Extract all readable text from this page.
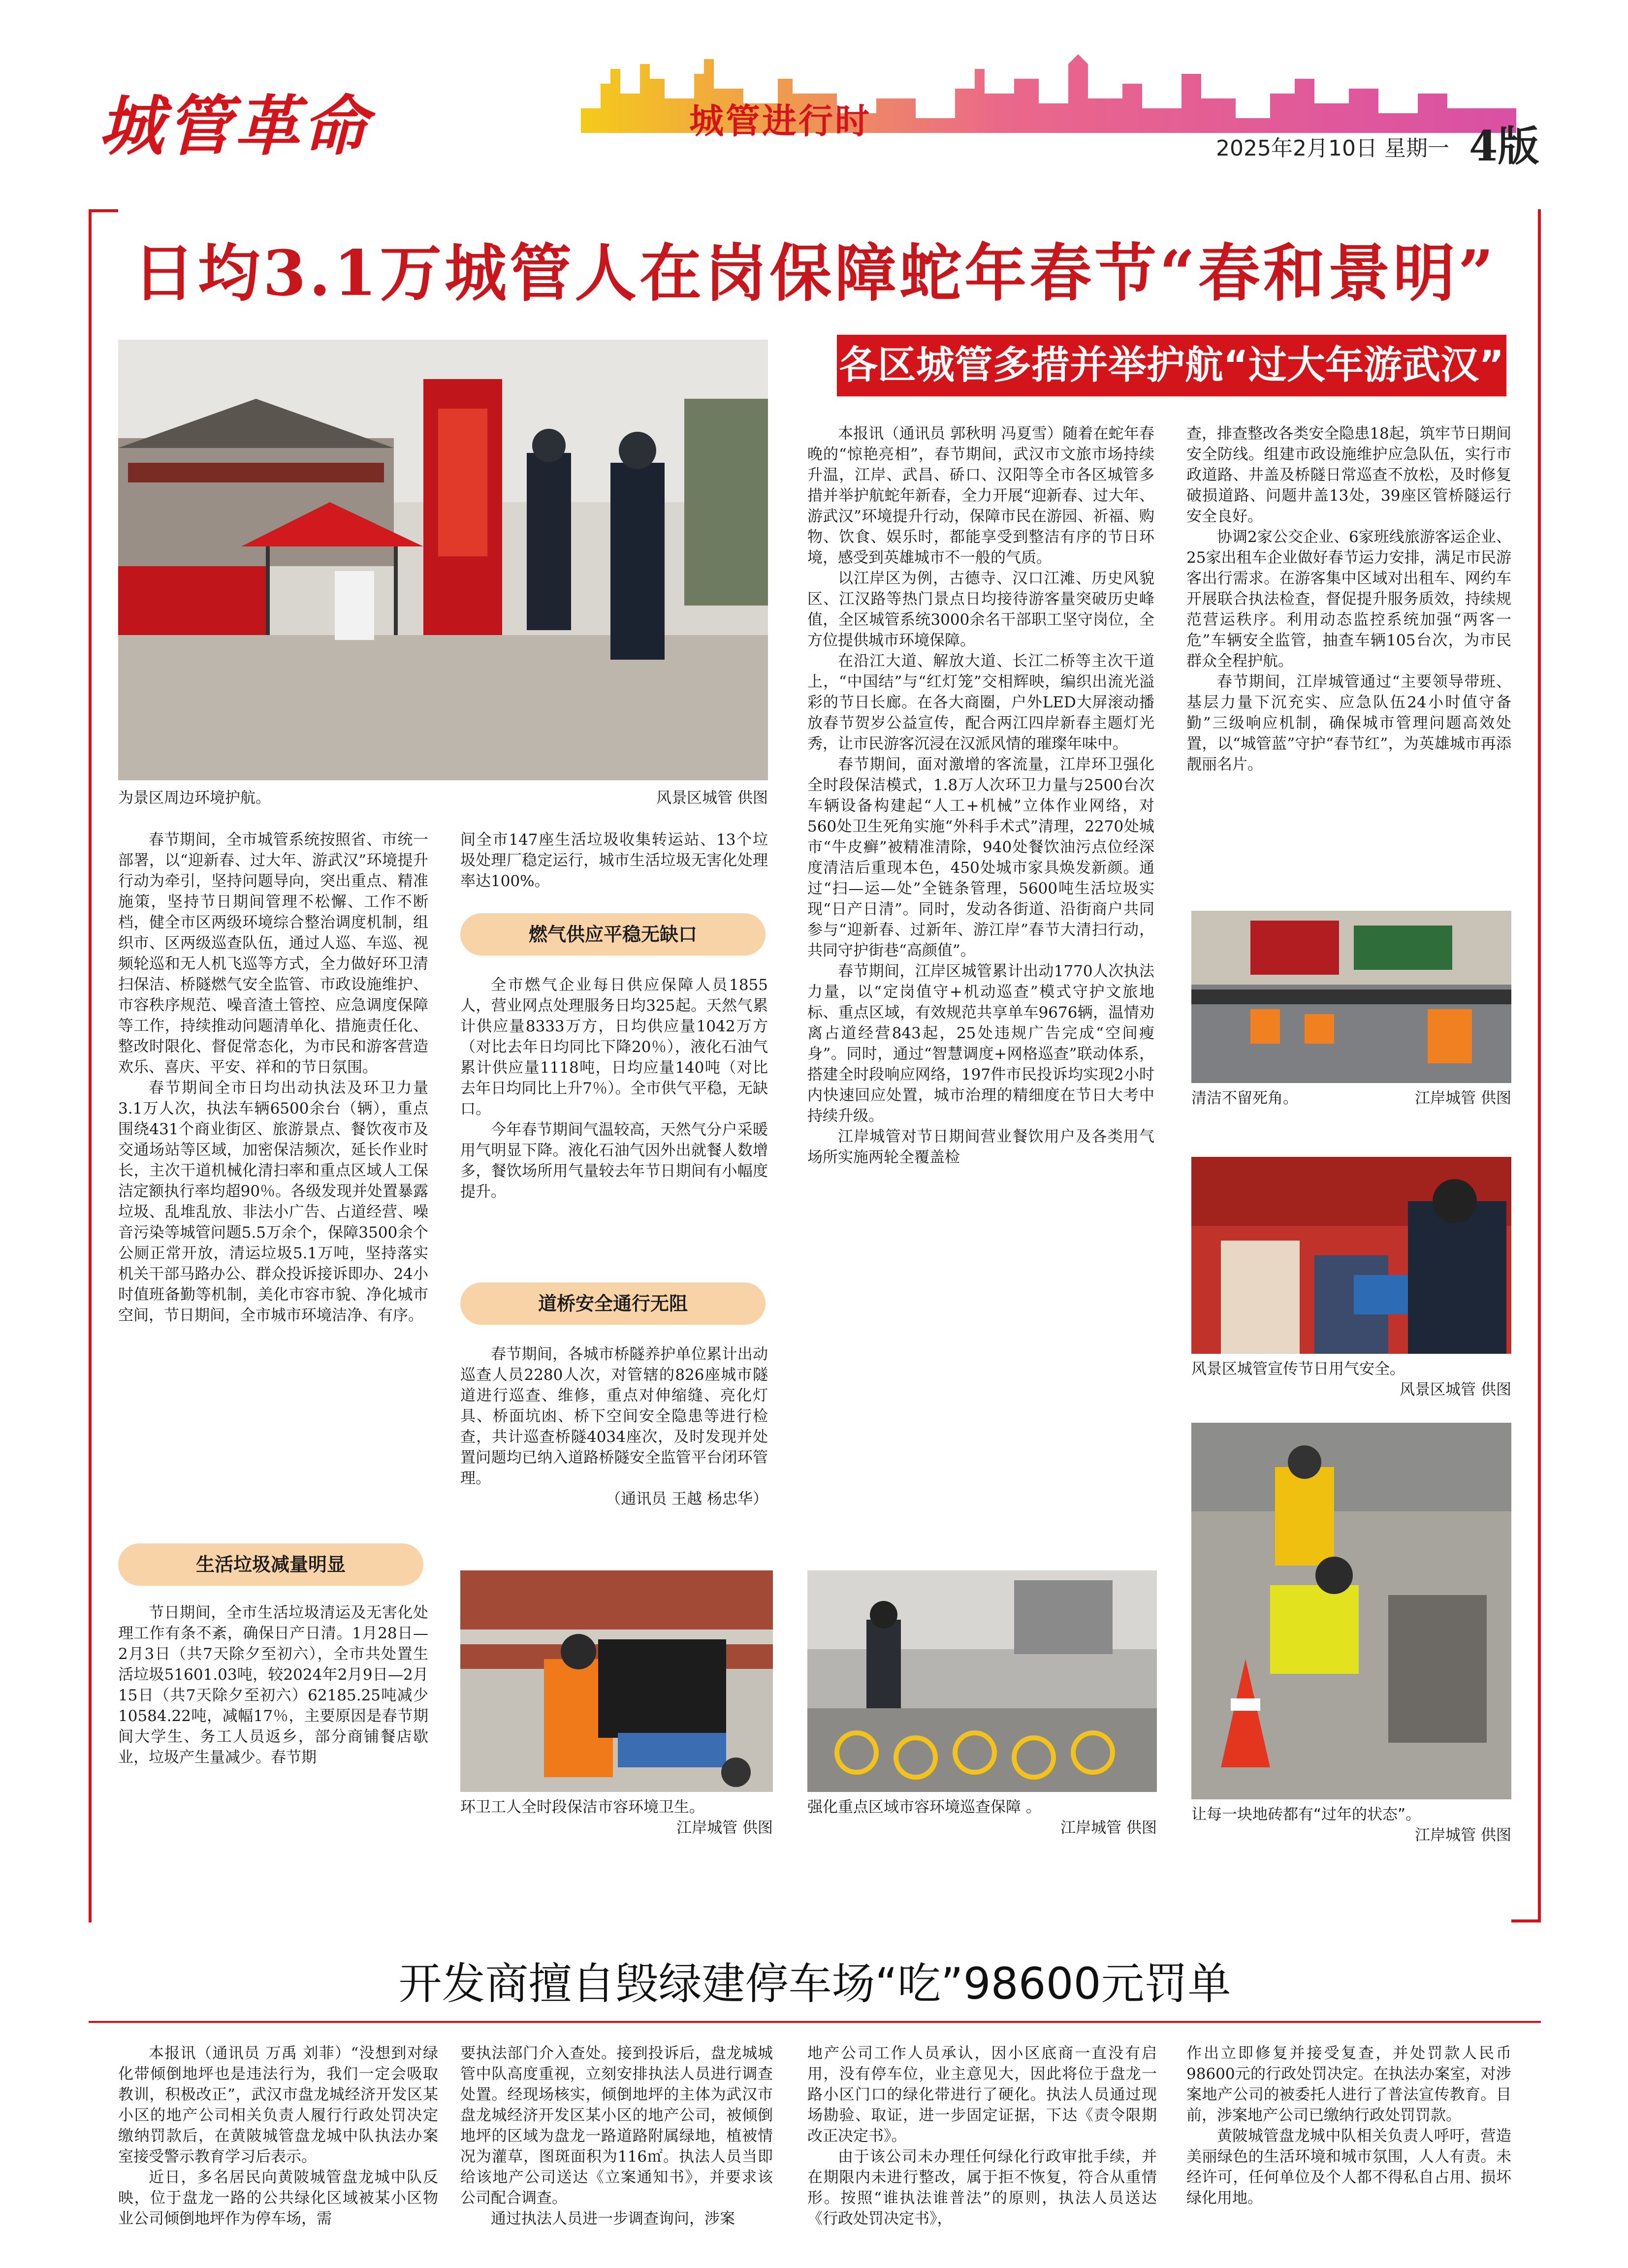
城管革命	城管进行时
2025年2月10日 星期一 4版
日均3.1万城管人在岗保障蛇年春节“春和景明”
各区城管多措并举护航“过大年游武汉”
为景区周边环境护航。	风景区城管 供图

春节期间，全市城管系统按照省、市统一部署，以“迎新春、过大年、游武汉”环境提升行动为牵引，坚持问题导向，突出重点、精准施策，坚持节日期间管理不松懈、工作不断档，健全市区两级环境综合整治调度机制，组织市、区两级巡查队伍，通过人巡、车巡、视频轮巡和无人机飞巡等方式，全力做好环卫清扫保洁、桥隧燃气安全监管、市政设施维护、市容秩序规范、噪音渣土管控、应急调度保障等工作，持续推动问题清单化、措施责任化、整改时限化、督促常态化，为市民和游客营造欢乐、喜庆、平安、祥和的节日氛围。

春节期间全市日均出动执法及环卫力量3.1万人次，执法车辆6500余台（辆），重点围绕431个商业街区、旅游景点、餐饮夜市及交通场站等区域，加密保洁频次，延长作业时长，主次干道机械化清扫率和重点区域人工保洁定额执行率均超90％。各级发现并处置暴露垃圾、乱堆乱放、非法小广告、占道经营、噪音污染等城管问题5.5万余个，保障3500余个公厕正常开放，清运垃圾5.1万吨，坚持落实机关干部马路办公、群众投诉接诉即办、24小时值班备勤等机制，美化市容市貌、净化城市空间，节日期间，全市城市环境洁净、有序。

生活垃圾减量明显

节日期间，全市生活垃圾清运及无害化处理工作有条不紊，确保日产日清。1月28日—2月3日（共7天除夕至初六），全市共处置生活垃圾51601.03吨，较2024年2月9日—2月15日（共7天除夕至初六）62185.25吨减少10584.22吨，减幅17％，主要原因是春节期间大学生、务工人员返乡，部分商铺餐店歇业，垃圾产生量减少。春节期

间全市147座生活垃圾收集转运站、13个垃圾处理厂稳定运行，城市生活垃圾无害化处理率达100%。

燃气供应平稳无缺口

全市燃气企业每日供应保障人员1855人，营业网点处理服务日均325起。天然气累计供应量8333万方，日均供应量1042万方（对比去年日均同比下降20％），液化石油气累计供应量1118吨，日均应量140吨（对比去年日均同比上升7％）。全市供气平稳，无缺口。

今年春节期间气温较高，天然气分户采暖用气明显下降。液化石油气因外出就餐人数增多，餐饮场所用气量较去年节日期间有小幅度提升。

道桥安全通行无阻

春节期间，各城市桥隧养护单位累计出动巡查人员2280人次，对管辖的826座城市隧道进行巡查、维修，重点对伸缩缝、亮化灯具、桥面坑凼、桥下空间安全隐患等进行检查，共计巡查桥隧4034座次，及时发现并处置问题均已纳入道路桥隧安全监管平台闭环管理。

（通讯员 王越 杨忠华）

本报讯（通讯员 郭秋明 冯夏雪）随着在蛇年春晚的“惊艳亮相”，春节期间，武汉市文旅市场持续升温，江岸、武昌、硚口、汉阳等全市各区城管多措并举护航蛇年新春，全力开展“迎新春、过大年、游武汉”环境提升行动，保障市民在游园、祈福、购物、饮食、娱乐时，都能享受到整洁有序的节日环境，感受到英雄城市不一般的气质。

以江岸区为例，古德寺、汉口江滩、历史风貌区、江汉路等热门景点日均接待游客量突破历史峰值，全区城管系统3000余名干部职工坚守岗位，全方位提供城市环境保障。

在沿江大道、解放大道、长江二桥等主次干道上，“中国结”与“红灯笼”交相辉映，编织出流光溢彩的节日长廊。在各大商圈，户外LED大屏滚动播放春节贺岁公益宣传，配合两江四岸新春主题灯光秀，让市民游客沉浸在汉派风情的璀璨年味中。

春节期间，面对激增的客流量，江岸环卫强化全时段保洁模式，1.8万人次环卫力量与2500台次车辆设备构建起“人工+机械”立体作业网络，对560处卫生死角实施“外科手术式”清理，2270处城市“牛皮癣”被精准清除，940处餐饮油污点位经深度清洁后重现本色，450处城市家具焕发新颜。通过“扫—运—处”全链条管理，5600吨生活垃圾实现“日产日清”。同时，发动各街道、沿街商户共同参与“迎新春、过新年、游江岸”春节大清扫行动，共同守护街巷“高颜值”。

春节期间，江岸区城管累计出动1770人次执法力量，以“定岗值守+机动巡查”模式守护文旅地标、重点区域，有效规范共享单车9676辆，温情劝离占道经营843起，25处违规广告完成“空间瘦身”。同时，通过“智慧调度+网格巡查”联动体系，搭建全时段响应网络，197件市民投诉均实现2小时内快速回应处置，城市治理的精细度在节日大考中持续升级。

江岸城管对节日期间营业餐饮用户及各类用气场所实施两轮全覆盖检

查，排查整改各类安全隐患18起，筑牢节日期间安全防线。组建市政设施维护应急队伍，实行市政道路、井盖及桥隧日常巡查不放松，及时修复破损道路、问题井盖13处，39座区管桥隧运行安全良好。

协调2家公交企业、6家班线旅游客运企业、25家出租车企业做好春节运力安排，满足市民游客出行需求。在游客集中区域对出租车、网约车开展联合执法检查，督促提升服务质效，持续规范营运秩序。利用动态监控系统加强“两客一危”车辆安全监管，抽查车辆105台次，为市民群众全程护航。

春节期间，江岸城管通过“主要领导带班、基层力量下沉充实、应急队伍24小时值守备勤”三级响应机制，确保城市管理问题高效处置，以“城管蓝”守护“春节红”，为英雄城市再添靓丽名片。

清洁不留死角。	江岸城管 供图
风景区城管宣传节日用气安全。
风景区城管 供图
让每一块地砖都有“过年的状态”。
江岸城管 供图
环卫工人全时段保洁市容环境卫生。
江岸城管 供图
强化重点区域市容环境巡查保障 。
江岸城管 供图
开发商擅自毁绿建停车场“吃”98600元罚单

本报讯（通讯员 万禹 刘菲）“没想到对绿化带倾倒地坪也是违法行为，我们一定会吸取教训，积极改正”，武汉市盘龙城经济开发区某小区的地产公司相关负责人履行行政处罚决定缴纳罚款后，在黄陂城管盘龙城中队执法办案室接受警示教育学习后表示。

近日，多名居民向黄陂城管盘龙城中队反映，位于盘龙一路的公共绿化区域被某小区物业公司倾倒地坪作为停车场，需

要执法部门介入查处。接到投诉后，盘龙城城管中队高度重视，立刻安排执法人员进行调查处置。经现场核实，倾倒地坪的主体为武汉市盘龙城经济开发区某小区的地产公司，被倾倒地坪的区域为盘龙一路道路附属绿地，植被情况为灌草，图斑面积为116㎡。执法人员当即给该地产公司送达《立案通知书》，并要求该公司配合调查。

通过执法人员进一步调查询问，涉案

地产公司工作人员承认，因小区底商一直没有启用，没有停车位，业主意见大，因此将位于盘龙一路小区门口的绿化带进行了硬化。执法人员通过现场勘验、取证，进一步固定证据，下达《责令限期改正决定书》。

由于该公司未办理任何绿化行政审批手续，并在期限内未进行整改，属于拒不恢复，符合从重情形。按照“谁执法谁普法”的原则，执法人员送达《行政处罚决定书》，

作出立即修复并接受复查，并处罚款人民币98600元的行政处罚决定。在执法办案室，对涉案地产公司的被委托人进行了普法宣传教育。目前，涉案地产公司已缴纳行政处罚罚款。

黄陂城管盘龙城中队相关负责人呼吁，营造美丽绿色的生活环境和城市氛围，人人有责。未经许可，任何单位及个人都不得私自占用、损坏绿化用地。
